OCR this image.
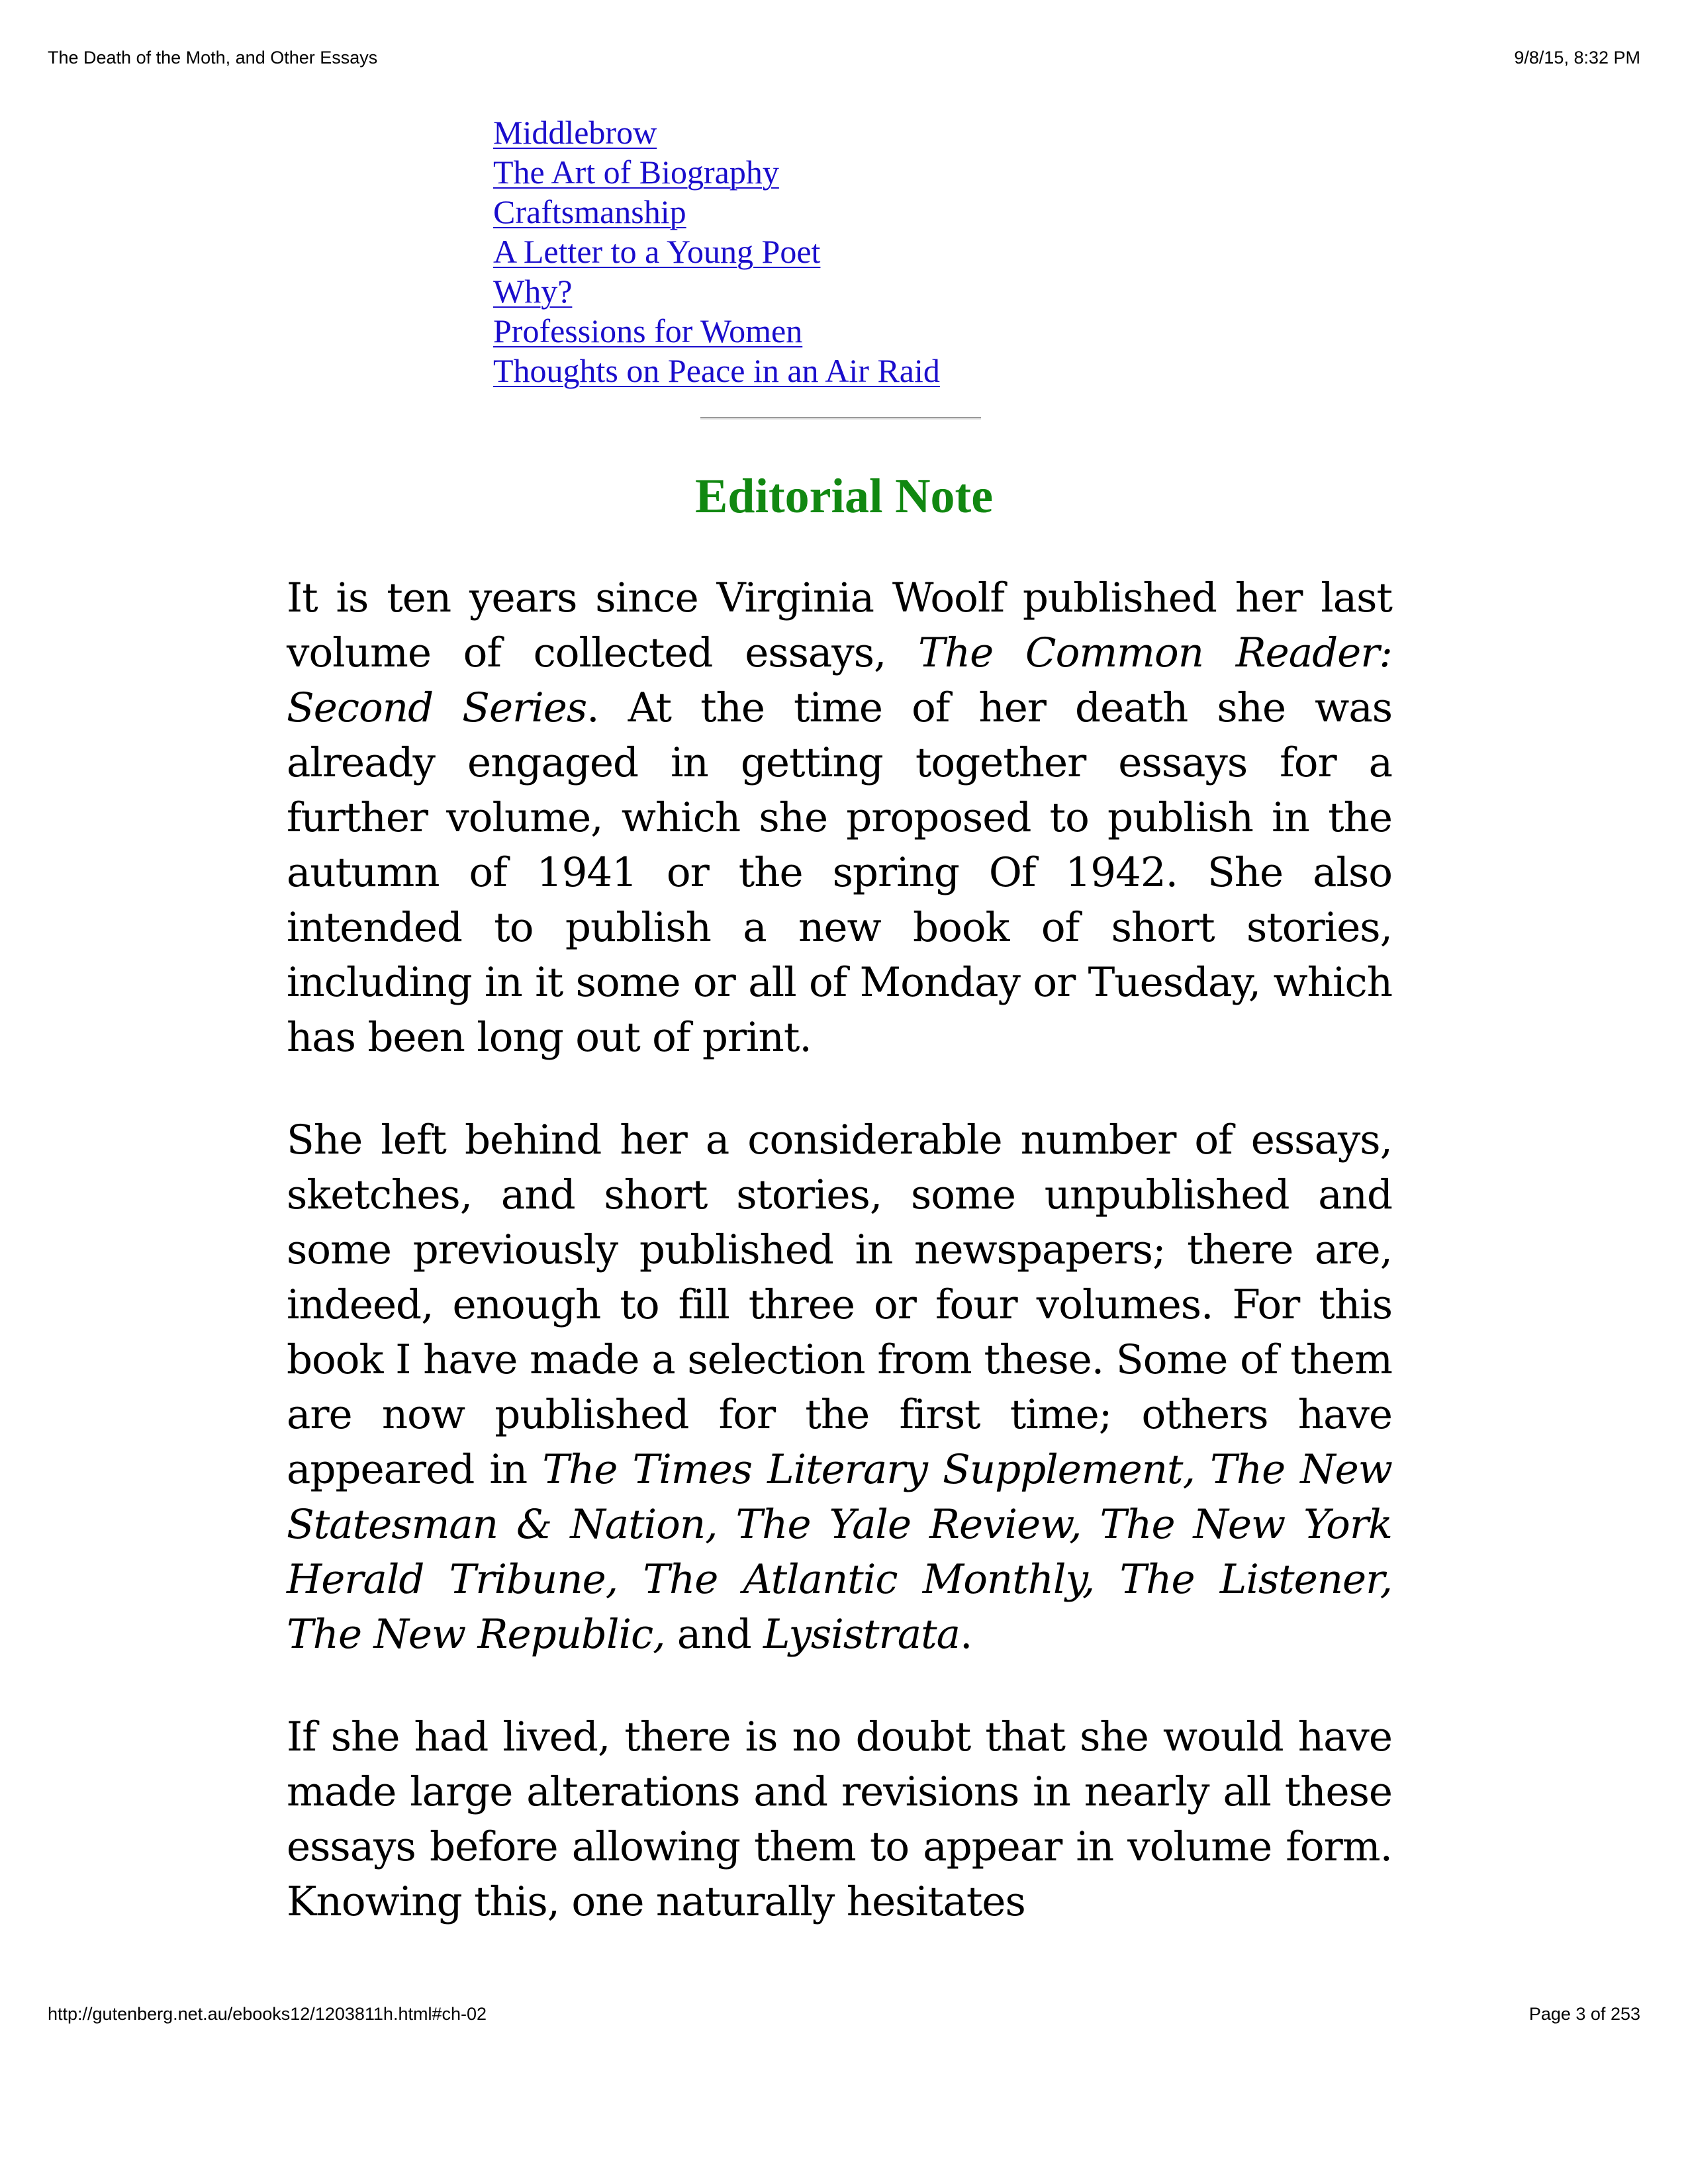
The Death of the Moth, and Other Essays	9/8/15, 8:32 PM
Middlebrow
The Art of Biography
Craftsmanship
A Letter to a Young Poet
Why?
Professions for Women
Thoughts on Peace in an Air Raid
Editorial Note

It is ten years since Virginia Woolf published her last volume of collected essays, The Common Reader: Second Series. At the time of her death she was already engaged in getting together essays for a further volume, which she proposed to publish in the autumn of 1941 or the spring Of 1942. She also intended to publish a new book of short stories, including in it some or all of Monday or Tuesday, which has been long out of print.

She left behind her a considerable number of essays, sketches, and short stories, some unpublished and some previously published in newspapers; there are, indeed, enough to fill three or four volumes. For this book I have made a selection from these. Some of them are now published for the first time; others have appeared in The Times Literary Supplement, The New Statesman & Nation, The Yale Review, The New York Herald Tribune, The Atlantic Monthly, The Listener, The New Republic, and Lysistrata.

If she had lived, there is no doubt that she would have made large alterations and revisions in nearly all these essays before allowing them to appear in volume form. Knowing this, one naturally hesitates

http://gutenberg.net.au/ebooks12/1203811h.html#ch-02	Page 3 of 253
